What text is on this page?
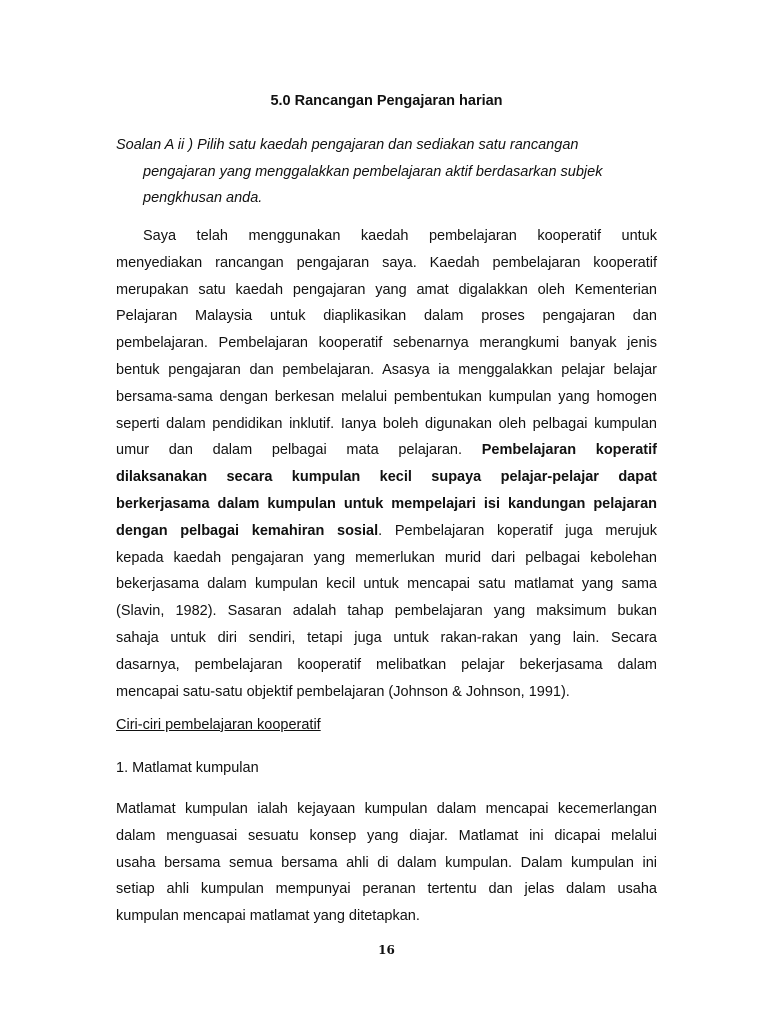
5.0 Rancangan Pengajaran harian
Soalan A ii ) Pilih satu kaedah pengajaran dan sediakan satu rancangan
pengajaran yang menggalakkan pembelajaran aktif berdasarkan subjek
pengkhusan anda.
Saya telah menggunakan kaedah pembelajaran kooperatif untuk
menyediakan rancangan pengajaran saya. Kaedah pembelajaran kooperatif
merupakan satu kaedah pengajaran yang amat digalakkan oleh Kementerian
Pelajaran Malaysia untuk diaplikasikan dalam proses pengajaran dan
pembelajaran. Pembelajaran kooperatif sebenarnya merangkumi banyak jenis
bentuk pengajaran dan pembelajaran. Asasya ia menggalakkan pelajar belajar
bersama-sama dengan berkesan melalui pembentukan kumpulan yang homogen
seperti dalam pendidikan inklutif. Ianya boleh digunakan oleh pelbagai kumpulan
umur dan dalam pelbagai mata pelajaran. Pembelajaran koperatif
dilaksanakan secara kumpulan kecil supaya pelajar-pelajar dapat
berkerjasama dalam kumpulan untuk mempelajari isi kandungan pelajaran
dengan pelbagai kemahiran sosial. Pembelajaran koperatif juga merujuk
kepada kaedah pengajaran yang memerlukan murid dari pelbagai kebolehan
bekerjasama dalam kumpulan kecil untuk mencapai satu matlamat yang sama
(Slavin, 1982). Sasaran adalah tahap pembelajaran yang maksimum bukan
sahaja untuk diri sendiri, tetapi juga untuk rakan-rakan yang lain. Secara
dasarnya, pembelajaran kooperatif melibatkan pelajar bekerjasama dalam
mencapai satu-satu objektif pembelajaran (Johnson & Johnson, 1991).
Ciri-ciri pembelajaran kooperatif
1. Matlamat kumpulan
Matlamat kumpulan ialah kejayaan kumpulan dalam mencapai kecemerlangan
dalam menguasai sesuatu konsep yang diajar. Matlamat ini dicapai melalui
usaha bersama semua bersama ahli di dalam kumpulan. Dalam kumpulan ini
setiap ahli kumpulan mempunyai peranan tertentu dan jelas dalam usaha
kumpulan mencapai matlamat yang ditetapkan.
16
